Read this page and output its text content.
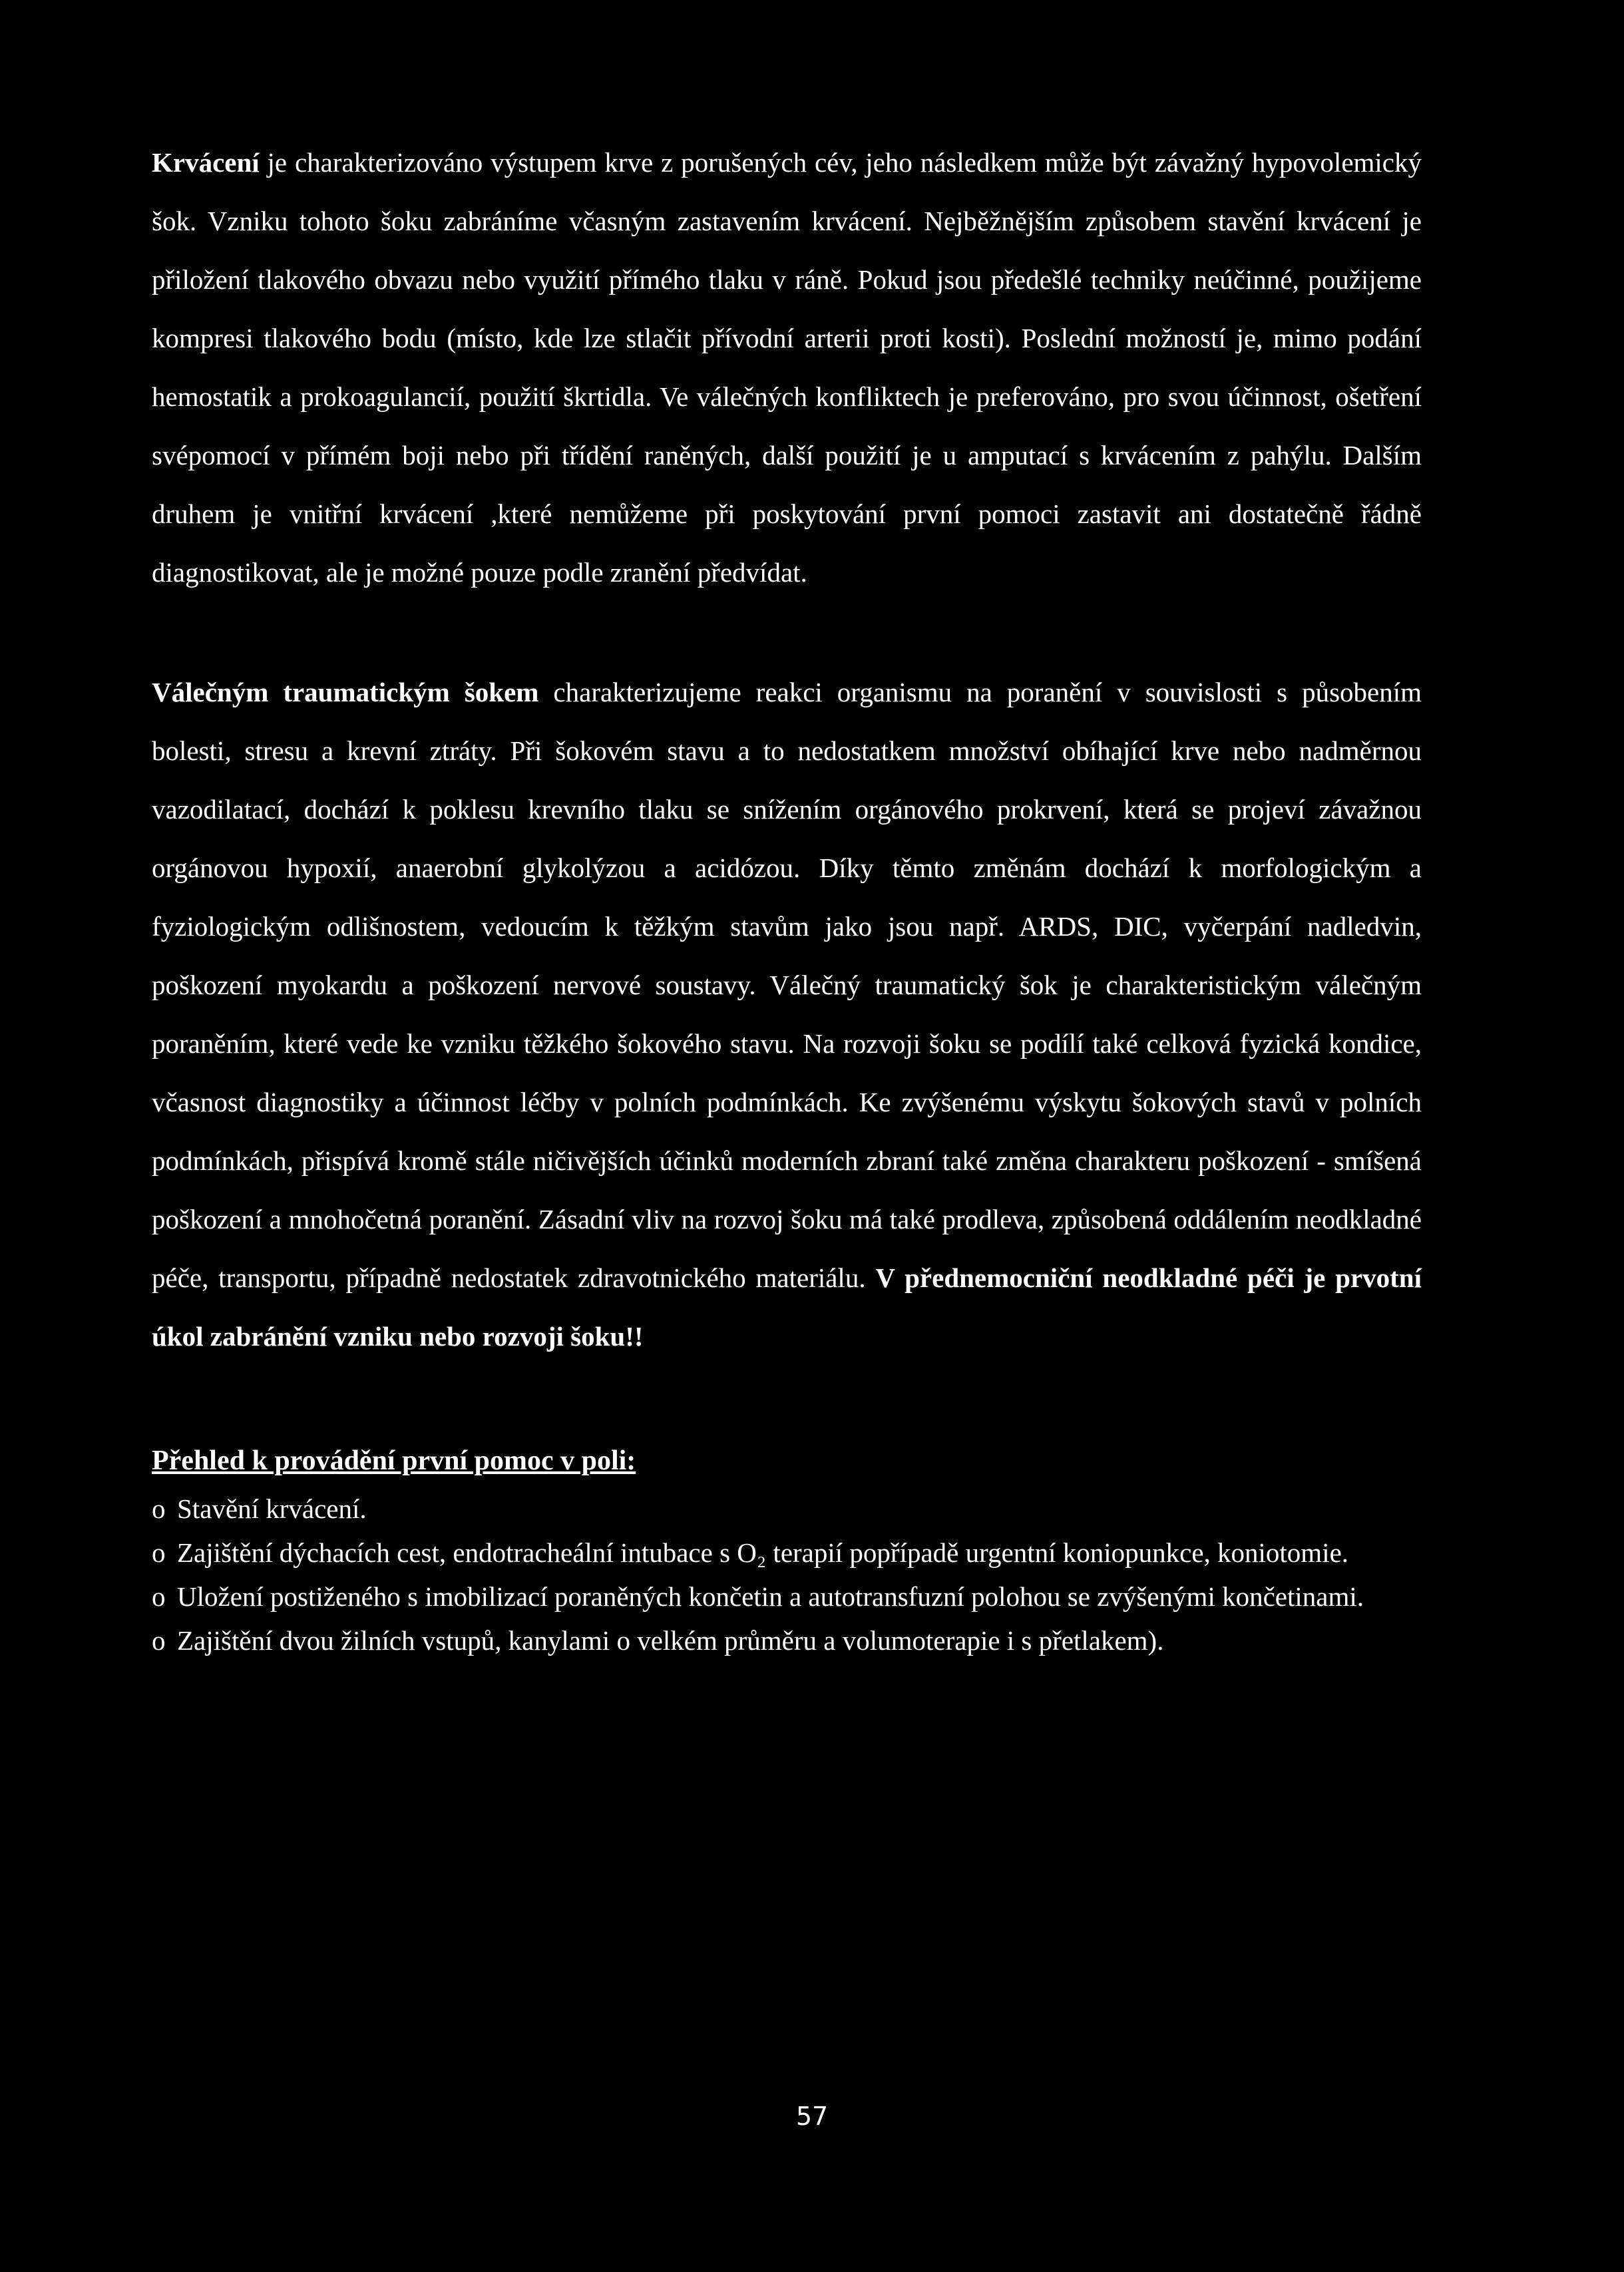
Krvácení je charakterizováno výstupem krve z porušených cév, jeho následkem může být závažný hypovolemický šok. Vzniku tohoto šoku zabráníme včasným zastavením krvácení. Nejběžnějším způsobem stavění krvácení je přiložení tlakového obvazu nebo využití přímého tlaku v ráně. Pokud jsou předešlé techniky neúčinné, použijeme kompresi tlakového bodu (místo, kde lze stlačit přívodní arterii proti kosti). Poslední možností je, mimo podání hemostatik a prokoagulancií, použití škrtidla. Ve válečných konfliktech je preferováno, pro svou účinnost, ošetření svépomocí v přímém boji nebo při třídění raněných, další použití je u amputací s krvácením z pahýlu. Dalším druhem je vnitřní krvácení ,které nemůžeme při poskytování první pomoci zastavit ani dostatečně řádně diagnostikovat, ale je možné pouze podle zranění předvídat.

Válečným traumatickým šokem charakterizujeme reakci organismu na poranění v souvislosti s působením bolesti, stresu a krevní ztráty. Při šokovém stavu a to nedostatkem množství obíhající krve nebo nadměrnou vazodilatací, dochází k poklesu krevního tlaku se snížením orgánového prokrvení, která se projeví závažnou orgánovou hypoxií, anaerobní glykolýzou a acidózou. Díky těmto změnám dochází k morfologickým a fyziologickým odlišnostem, vedoucím k těžkým stavům jako jsou např. ARDS, DIC, vyčerpání nadledvin, poškození myokardu a poškození nervové soustavy. Válečný traumatický šok je charakteristickým válečným poraněním, které vede ke vzniku těžkého šokového stavu. Na rozvoji šoku se podílí také celková fyzická kondice, včasnost diagnostiky a účinnost léčby v polních podmínkách. Ke zvýšenému výskytu šokových stavů v polních podmínkách, přispívá kromě stále ničivějších účinků moderních zbraní také změna charakteru poškození - smíšená poškození a mnohočetná poranění. Zásadní vliv na rozvoj šoku má také prodleva, způsobená oddálením neodkladné péče, transportu, případně nedostatek zdravotnického materiálu. V přednemocniční neodkladné péči je prvotní úkol zabránění vzniku nebo rozvoji šoku!!

Přehled k provádění první pomoc v poli:
o Stavění krvácení.
o Zajištění dýchacích cest, endotracheální intubace s O₂ terapií popřípadě urgentní koniopunkce, koniotomie.
o Uložení postiženého s imobilizací poraněných končetin a autotransfuzní polohou se zvýšenými končetinami.
o Zajištění dvou žilních vstupů, kanylami o velkém průměru a volumoterapie i s přetlakem).
57
